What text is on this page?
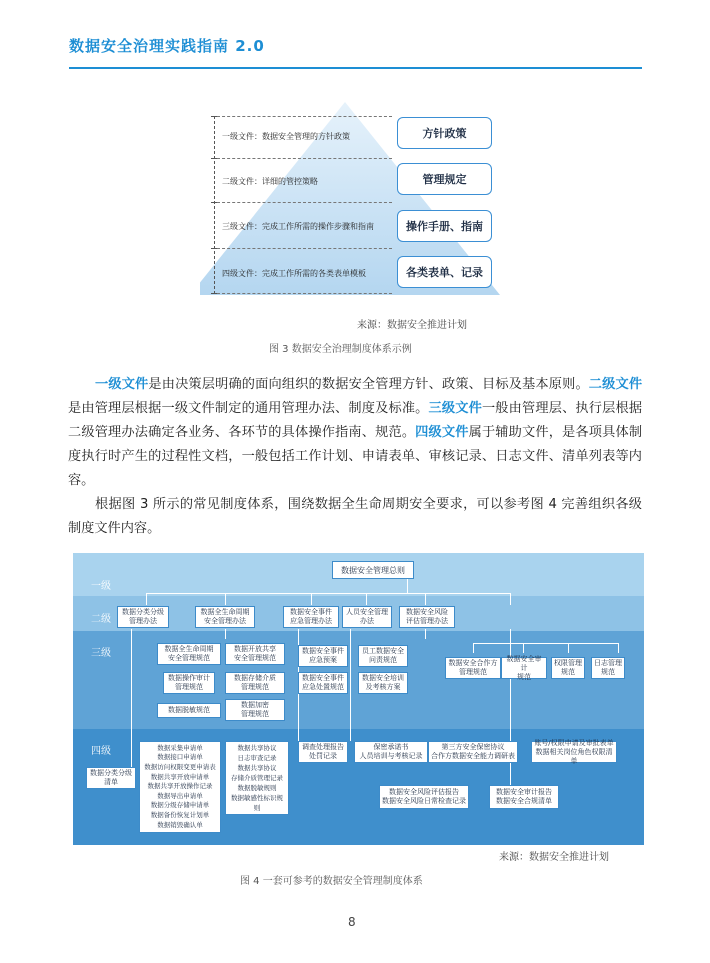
数据安全治理实践指南 2.0
一级文件：数据安全管理的方针政策
二级文件：详细的管控策略
三级文件：完成工作所需的操作步骤和指南
四级文件：完成工作所需的各类表单模板
方针政策
管理规定
操作手册、指南
各类表单、记录
来源：数据安全推进计划
图 3 数据安全治理制度体系示例
一级文件是由决策层明确的面向组织的数据安全管理方针、政策、目标及基本原则。二级文件是由管理层根据一级文件制定的通用管理办法、制度及标准。三级文件一般由管理层、执行层根据二级管理办法确定各业务、各环节的具体操作指南、规范。四级文件属于辅助文件，是各项具体制度执行时产生的过程性文档，一般包括工作计划、申请表单、审核记录、日志文件、清单列表等内容。
根据图 3 所示的常见制度体系，围绕数据全生命周期安全要求，可以参考图 4 完善组织各级制度文件内容。
一级
二级
三级
四级
数据安全管理总则
数据分类分级
管理办法
数据全生命周期
安全管理办法
数据安全事件
应急管理办法
人员安全管理
办法
数据安全风险
评估管理办法
数据全生命周期
安全管理规范
数据开放共享
安全管理规范
数据操作审计
管理规范
数据存储介质
管理规范
数据脱敏规范
数据加密
管理规范
数据安全事件
应急预案
数据安全事件
应急处置规范
员工数据安全
问责规范
数据安全培训
及考核方案
数据安全合作方
管理规范
数据安全审计
规范
权限管理
规范
日志管理
规范
数据分类分级
清单
数据采集申请单
数据接口申请单
数据访问权限变更申请表
数据共享开放申请单
数据共享开放操作记录
数据导出申请单
数据分级存储申请单
数据备份恢复计划单
数据销毁确认单
数据共享协议
日志审查记录
数据共享协议
存储介质管理记录
数据脱敏规则
数据敏感性标识规则
调查处理报告
处罚记录
保密承诺书
人员培训与考核记录
第三方安全保密协议
合作方数据安全能力调研表
账号/权限申请及审批表单
数据相关岗位角色权限清单
数据安全风险评估报告
数据安全风险日常检查记录
数据安全审计报告
数据安全合规清单
来源：数据安全推进计划
图 4 一套可参考的数据安全管理制度体系
8
